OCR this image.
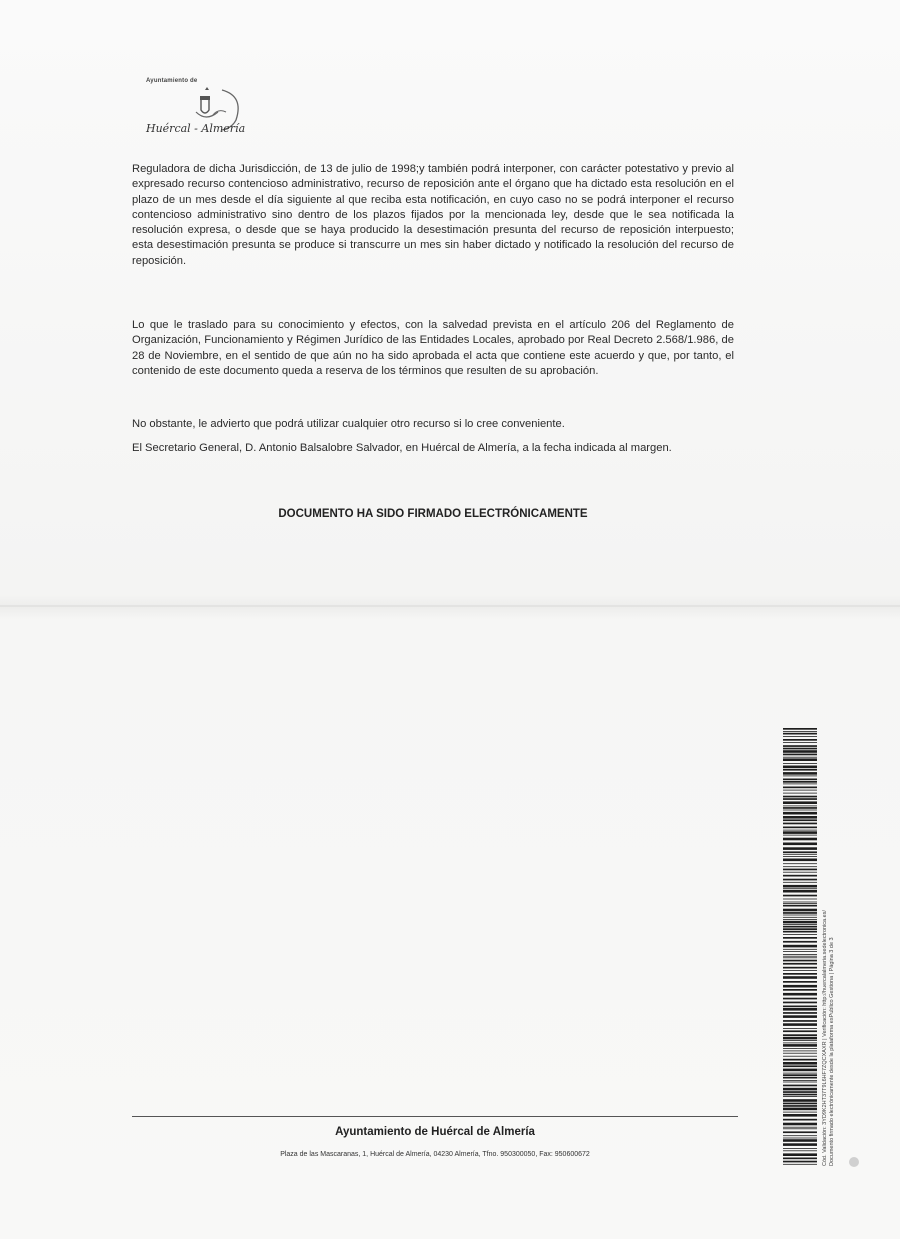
Ayuntamiento de
Huércal - Almería
Reguladora de dicha Jurisdicción, de 13 de julio de 1998;y también podrá interponer, con carácter potestativo y previo al expresado recurso contencioso administrativo, recurso de reposición ante el órgano que ha dictado esta resolución en el plazo de un mes desde el día siguiente al que reciba esta notificación, en cuyo caso no se podrá interponer el recurso contencioso administrativo sino dentro de los plazos fijados por la mencionada ley, desde que le sea notificada la resolución expresa, o desde que se haya producido la desestimación presunta del recurso de reposición interpuesto; esta desestimación presunta se produce si transcurre un mes sin haber dictado y notificado la resolución del recurso de reposición.
Lo que le traslado para su conocimiento y efectos, con la salvedad prevista en el artículo 206 del Reglamento de Organización, Funcionamiento y Régimen Jurídico de las Entidades Locales, aprobado por Real Decreto 2.568/1.986, de 28 de Noviembre, en el sentido de que aún no ha sido aprobada el acta que contiene este acuerdo y que, por tanto, el contenido de este documento queda a reserva de los términos que resulten de su aprobación.
No obstante, le advierto que podrá utilizar cualquier otro recurso si lo cree conveniente.
El Secretario General, D. Antonio Balsalobre Salvador, en Huércal de Almería, a la fecha indicada al margen.
DOCUMENTO HA SIDO FIRMADO ELECTRÓNICAMENTE
Ayuntamiento de Huércal de Almería
Plaza de las Mascaranas, 1, Huércal de Almería, 04230 Almería, Tfno. 950300050, Fax: 950600672	Cód. Validación: 3YD9K2HT37T9L6HF7ZQCXAXR | Verificación: http://huercalalmeria.sedelectronica.es/ Documento firmado electrónicamente desde la plataforma esPublico Gestiona | Página 3 de 3
